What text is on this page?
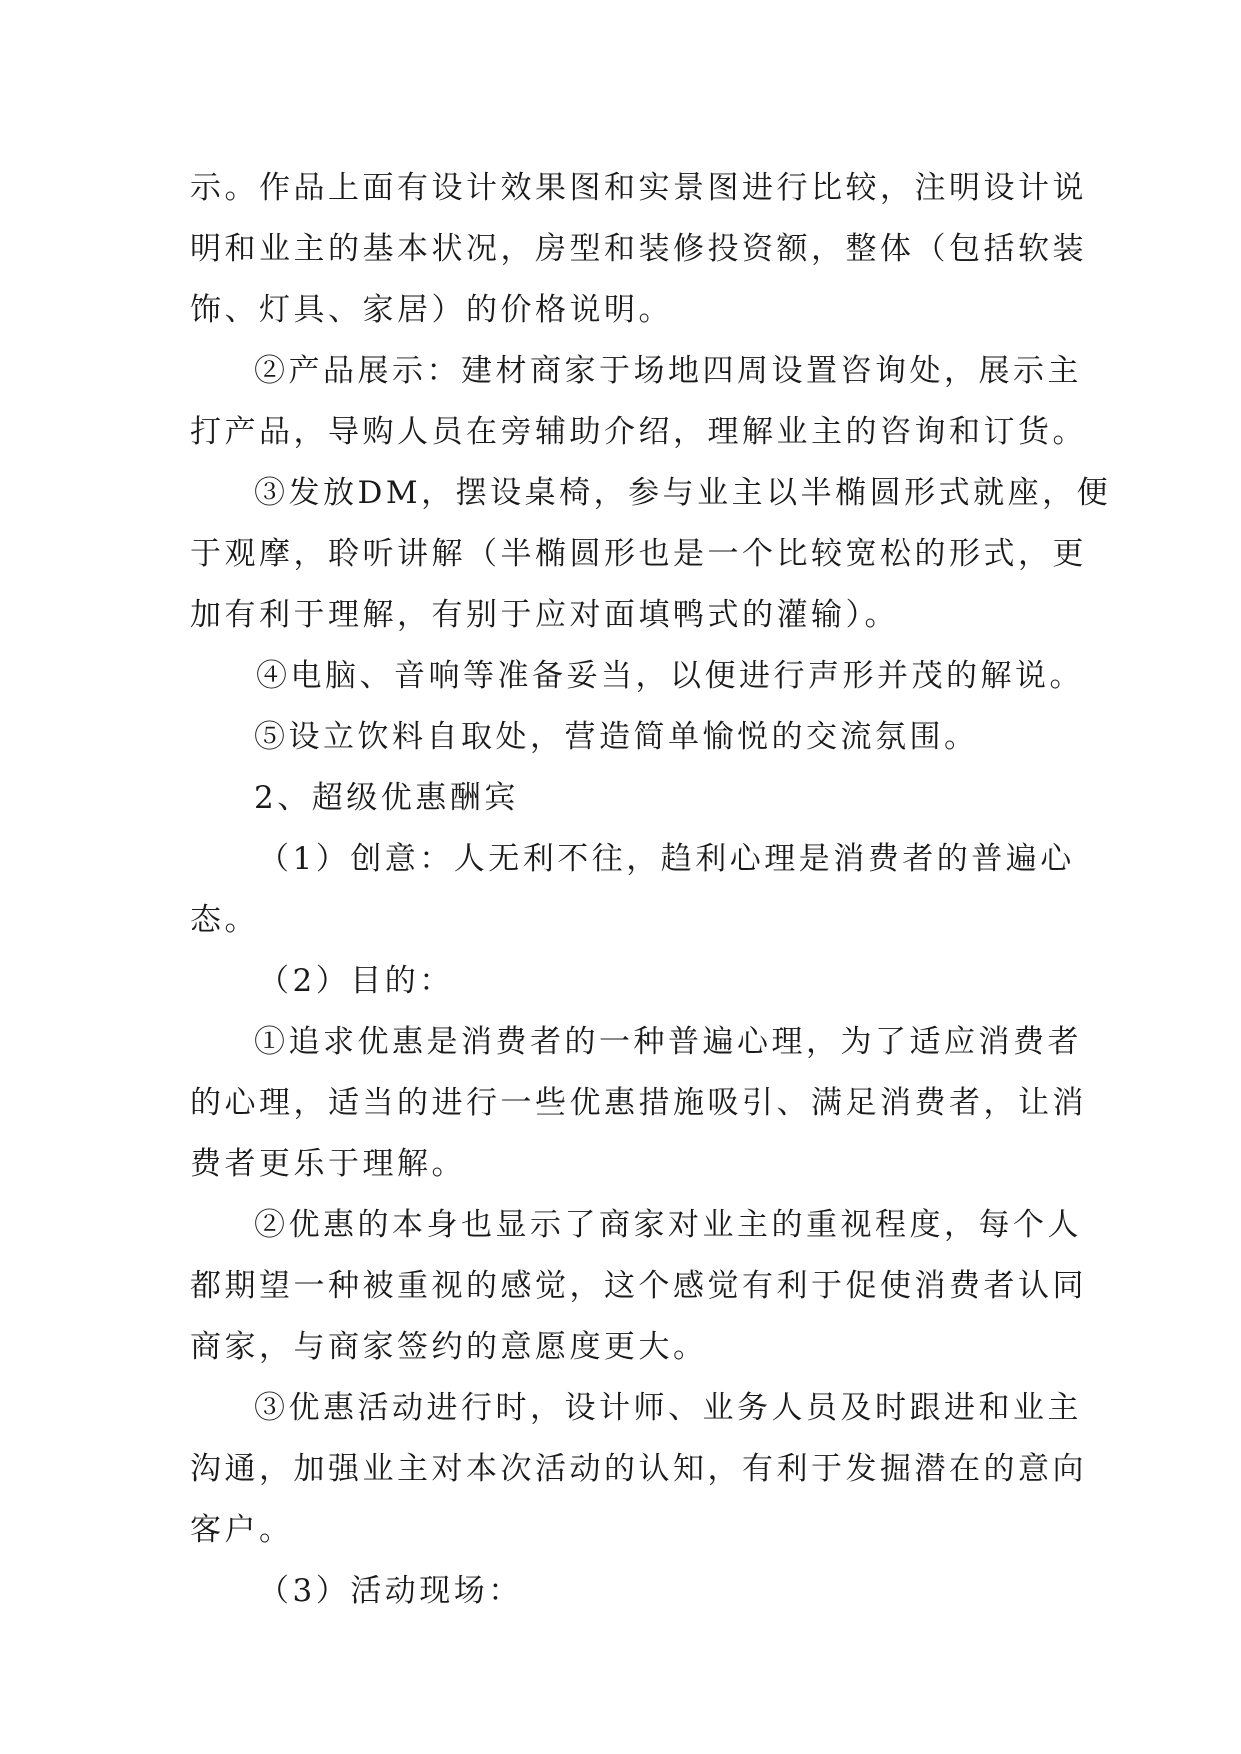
示。作品上面有设计效果图和实景图进行比较，注明设计说
明和业主的基本状况，房型和装修投资额，整体（包括软装
饰、灯具、家居）的价格说明。
②产品展示：建材商家于场地四周设置咨询处，展示主
打产品，导购人员在旁辅助介绍，理解业主的咨询和订货。
③发放DM，摆设桌椅，参与业主以半椭圆形式就座，便
于观摩，聆听讲解（半椭圆形也是一个比较宽松的形式，更
加有利于理解，有别于应对面填鸭式的灌输）。
④电脑、音响等准备妥当，以便进行声形并茂的解说。
⑤设立饮料自取处，营造简单愉悦的交流氛围。
2、超级优惠酬宾
（1）创意：人无利不往，趋利心理是消费者的普遍心
态。
（2）目的：
①追求优惠是消费者的一种普遍心理，为了适应消费者
的心理，适当的进行一些优惠措施吸引、满足消费者，让消
费者更乐于理解。
②优惠的本身也显示了商家对业主的重视程度，每个人
都期望一种被重视的感觉，这个感觉有利于促使消费者认同
商家，与商家签约的意愿度更大。
③优惠活动进行时，设计师、业务人员及时跟进和业主
沟通，加强业主对本次活动的认知，有利于发掘潜在的意向
客户。
（3）活动现场：
